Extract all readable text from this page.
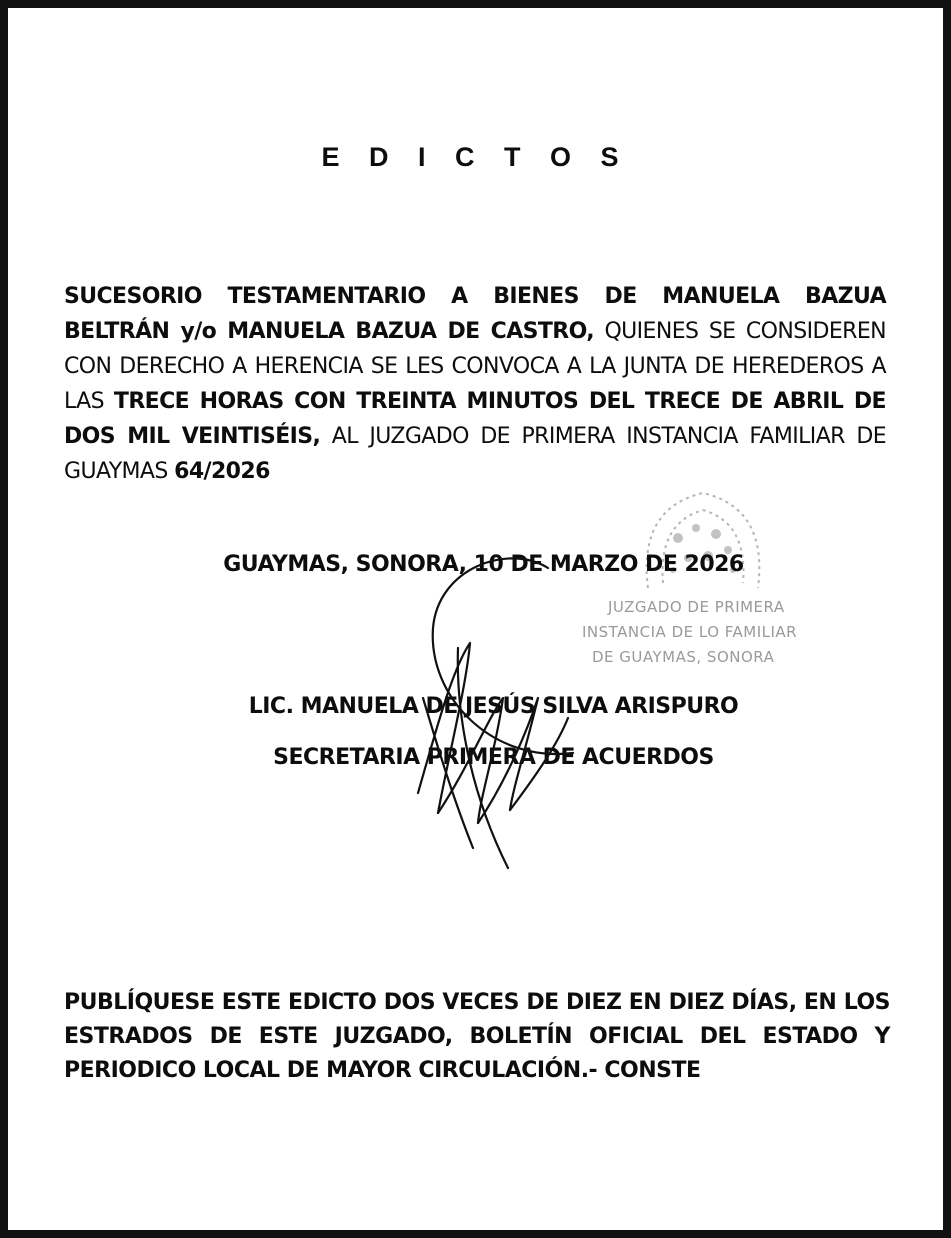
E D I C T O S
SUCESORIO TESTAMENTARIO A BIENES DE MANUELA BAZUA BELTRÁN y/o MANUELA BAZUA DE CASTRO, QUIENES SE CONSIDEREN CON DERECHO A HERENCIA SE LES CONVOCA A LA JUNTA DE HEREDEROS A LAS TRECE HORAS CON TREINTA MINUTOS DEL TRECE DE ABRIL DE DOS MIL VEINTISÉIS, AL JUZGADO DE PRIMERA INSTANCIA FAMILIAR DE GUAYMAS 64/2026
JUZGADO DE PRIMERA
INSTANCIA DE LO FAMILIAR
DE GUAYMAS, SONORA
GUAYMAS, SONORA, 10 DE MARZO DE 2026
LIC. MANUELA DE JESÚS SILVA ARISPURO
SECRETARIA PRIMERA DE ACUERDOS
PUBLÍQUESE ESTE EDICTO DOS VECES DE DIEZ EN DIEZ DÍAS, EN LOS ESTRADOS DE ESTE JUZGADO, BOLETÍN OFICIAL DEL ESTADO Y PERIODICO LOCAL DE MAYOR CIRCULACIÓN.- CONSTE
